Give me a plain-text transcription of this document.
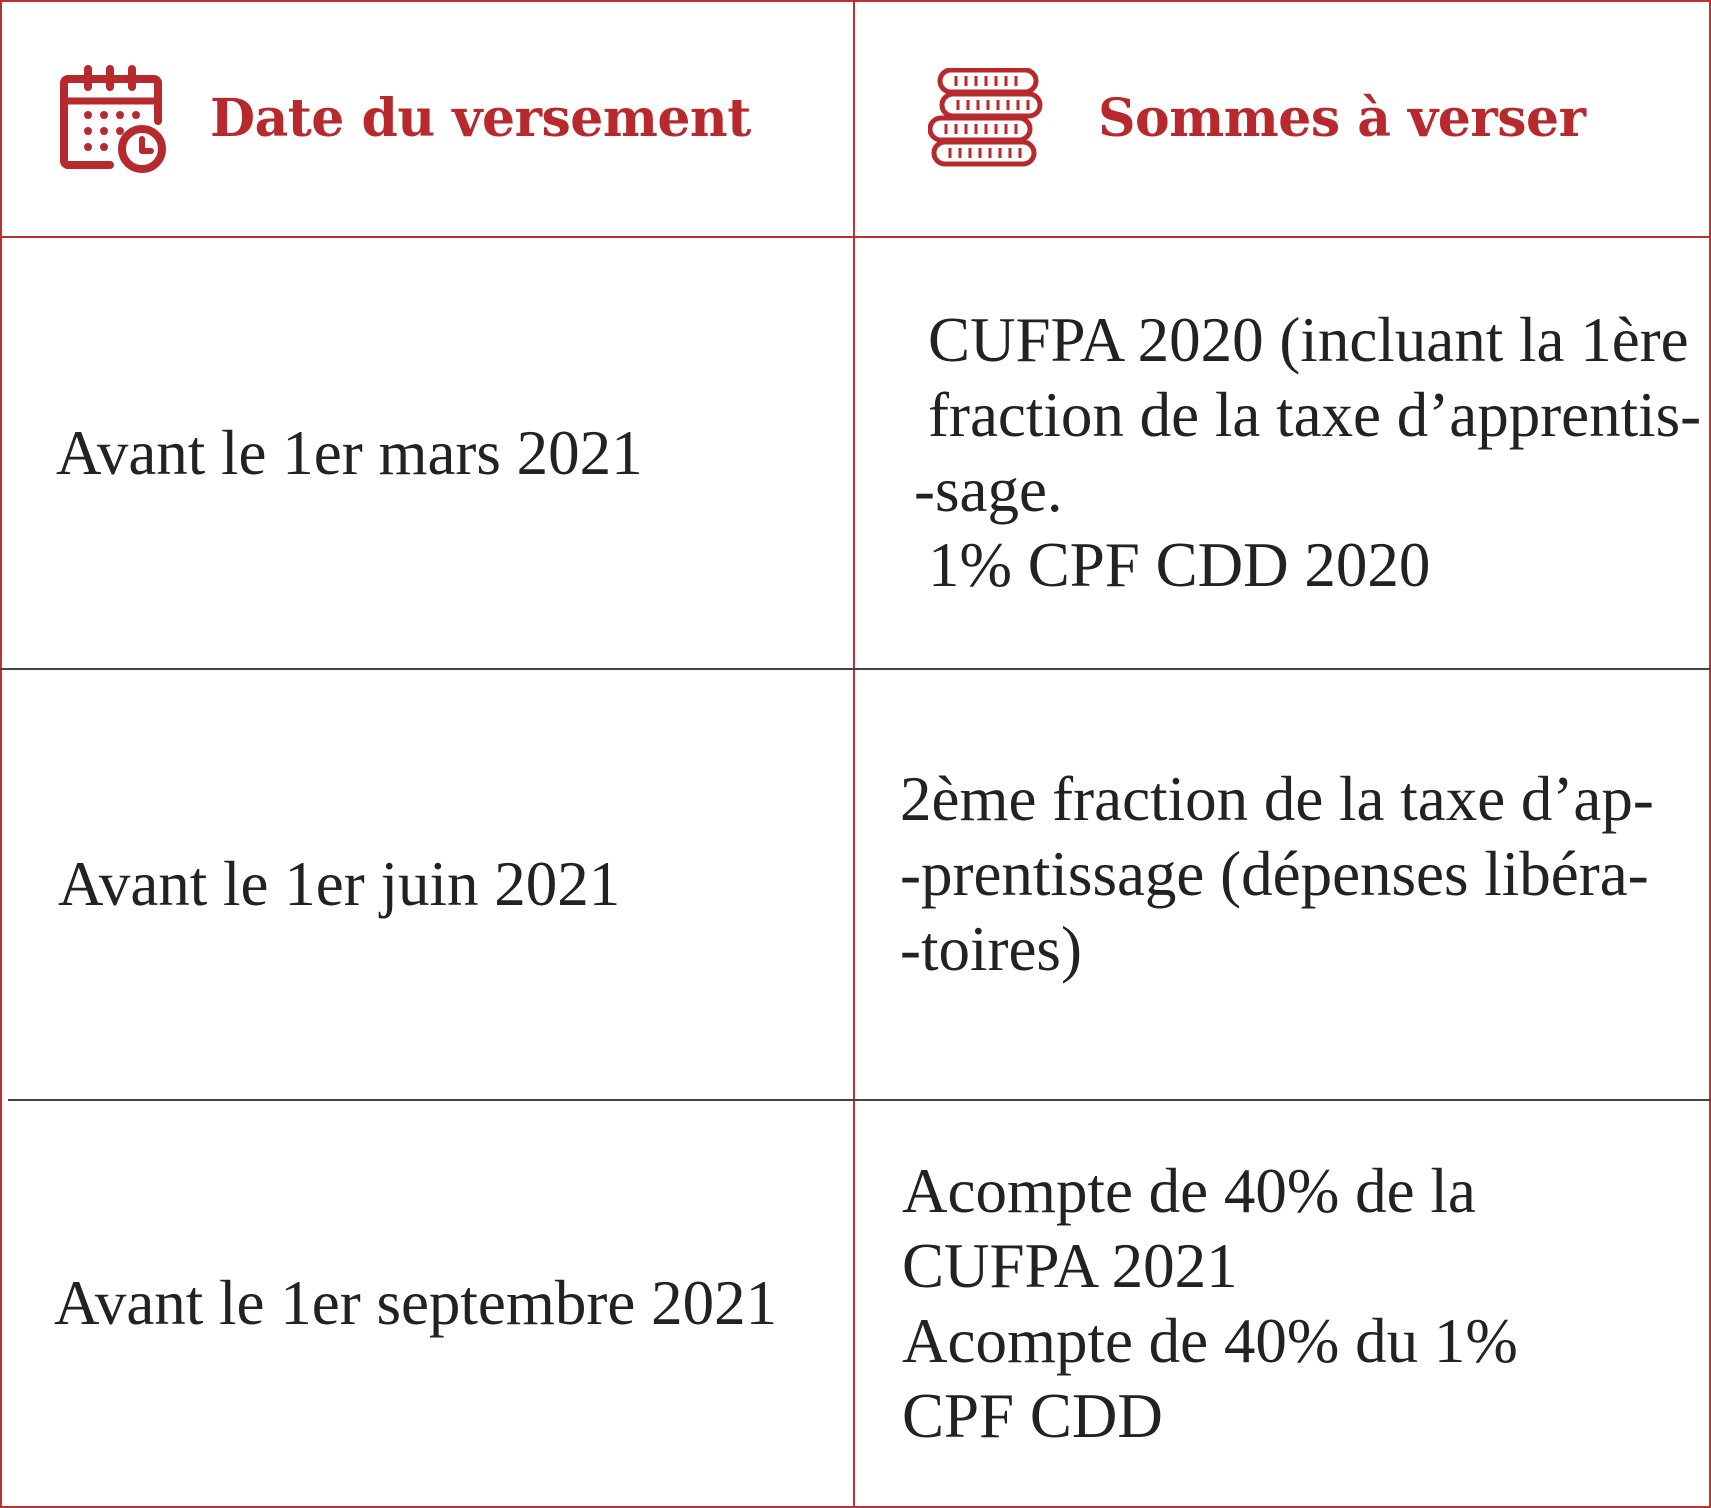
Date du versement	Sommes à verser
Avant le 1er mars 2021
CUFPA 2020 (incluant la 1ère
fraction de la taxe d’apprentis-
-sage.
1% CPF CDD 2020
Avant le 1er juin 2021
2ème fraction de la taxe d’ap-
-prentissage (dépenses libéra-
-toires)
Avant le 1er septembre 2021
Acompte de 40% de la
CUFPA 2021
Acompte de 40% du 1%
CPF CDD
